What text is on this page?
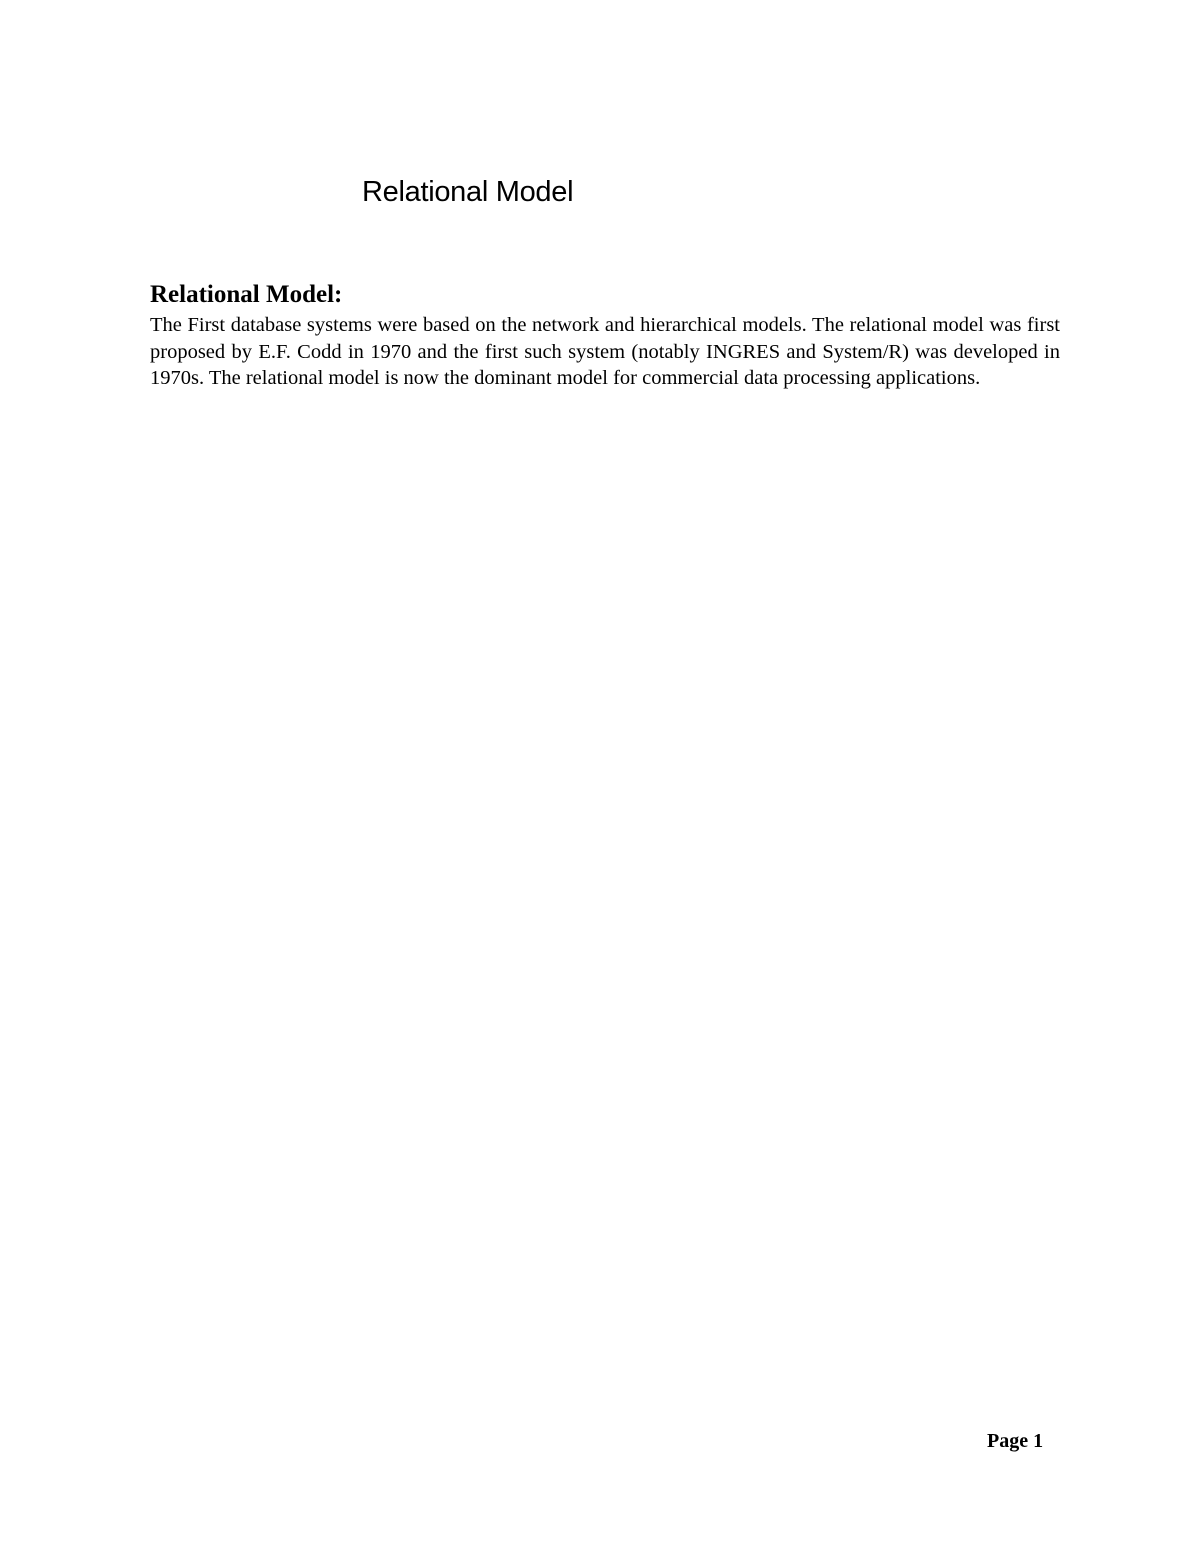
Relational Model
Relational Model:

The First database systems were based on the network and hierarchical models. The relational model was first proposed by E.F. Codd in 1970 and the first such system (notably INGRES and System/R) was developed in 1970s. The relational model is now the dominant model for commercial data processing applications.

Page 1
